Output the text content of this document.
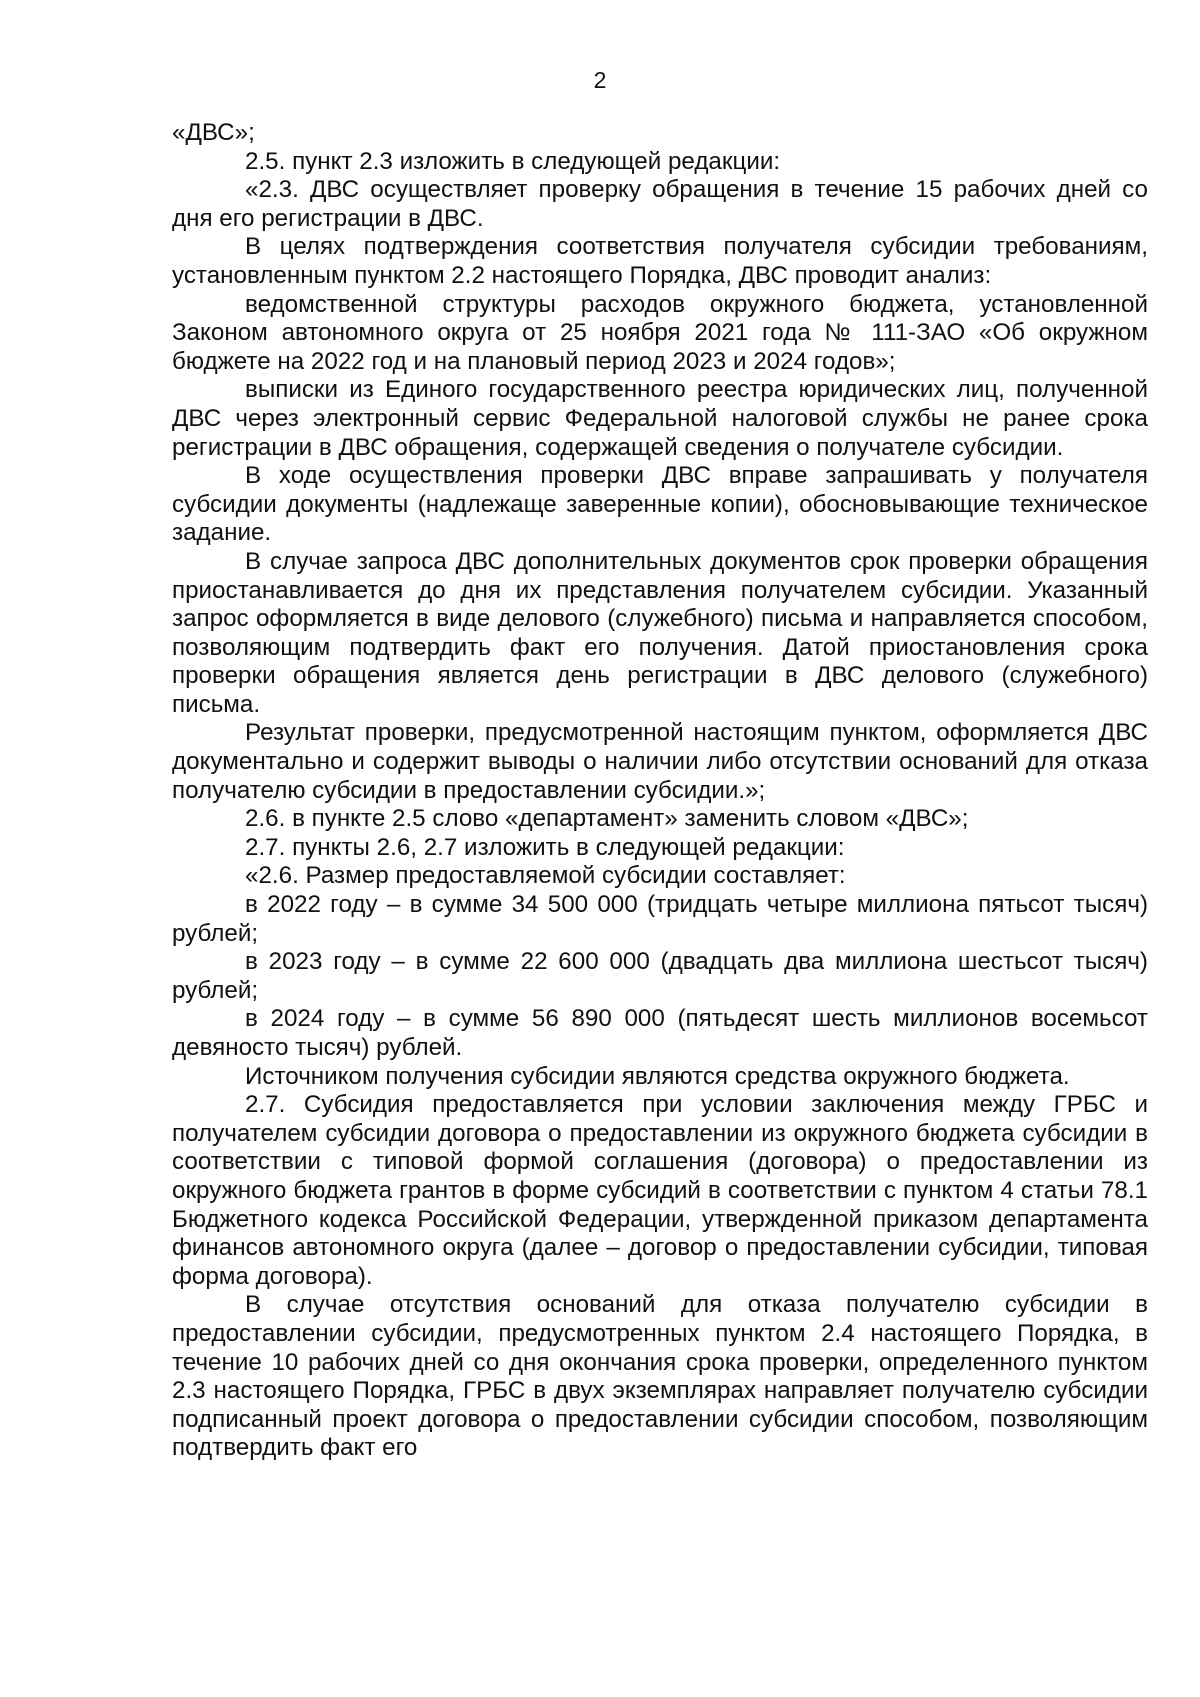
2

«ДВС»;

2.5. пункт 2.3 изложить в следующей редакции:

«2.3. ДВС осуществляет проверку обращения в течение 15 рабочих дней со дня его регистрации в ДВС.

В целях подтверждения соответствия получателя субсидии требованиям, установленным пунктом 2.2 настоящего Порядка, ДВС проводит анализ:

ведомственной структуры расходов окружного бюджета, установленной Законом автономного округа от 25 ноября 2021 года № 111-ЗАО «Об окружном бюджете на 2022 год и на плановый период 2023 и 2024 годов»;

выписки из Единого государственного реестра юридических лиц, полученной ДВС через электронный сервис Федеральной налоговой службы не ранее срока регистрации в ДВС обращения, содержащей сведения о получателе субсидии.

В ходе осуществления проверки ДВС вправе запрашивать у получателя субсидии документы (надлежаще заверенные копии), обосновывающие техническое задание.

В случае запроса ДВС дополнительных документов срок проверки обращения приостанавливается до дня их представления получателем субсидии. Указанный запрос оформляется в виде делового (служебного) письма и направляется способом, позволяющим подтвердить факт его получения. Датой приостановления срока проверки обращения является день регистрации в ДВС делового (служебного) письма.

Результат проверки, предусмотренной настоящим пунктом, оформляется ДВС документально и содержит выводы о наличии либо отсутствии оснований для отказа получателю субсидии в предоставлении субсидии.»;

2.6. в пункте 2.5 слово «департамент» заменить словом «ДВС»;

2.7. пункты 2.6, 2.7 изложить в следующей редакции:

«2.6. Размер предоставляемой субсидии составляет:

в 2022 году – в сумме 34 500 000 (тридцать четыре миллиона пятьсот тысяч) рублей;

в 2023 году – в сумме 22 600 000 (двадцать два миллиона шестьсот тысяч) рублей;

в 2024 году – в сумме 56 890 000 (пятьдесят шесть миллионов восемьсот девяносто тысяч) рублей.

Источником получения субсидии являются средства окружного бюджета.

2.7. Субсидия предоставляется при условии заключения между ГРБС и получателем субсидии договора о предоставлении из окружного бюджета субсидии в соответствии с типовой формой соглашения (договора) о предоставлении из окружного бюджета грантов в форме субсидий в соответствии с пунктом 4 статьи 78.1 Бюджетного кодекса Российской Федерации, утвержденной приказом департамента финансов автономного округа (далее – договор о предоставлении субсидии, типовая форма договора).

В случае отсутствия оснований для отказа получателю субсидии в предоставлении субсидии, предусмотренных пунктом 2.4 настоящего Порядка, в течение 10 рабочих дней со дня окончания срока проверки, определенного пунктом 2.3 настоящего Порядка, ГРБС в двух экземплярах направляет получателю субсидии подписанный проект договора о предоставлении субсидии способом, позволяющим подтвердить факт его
